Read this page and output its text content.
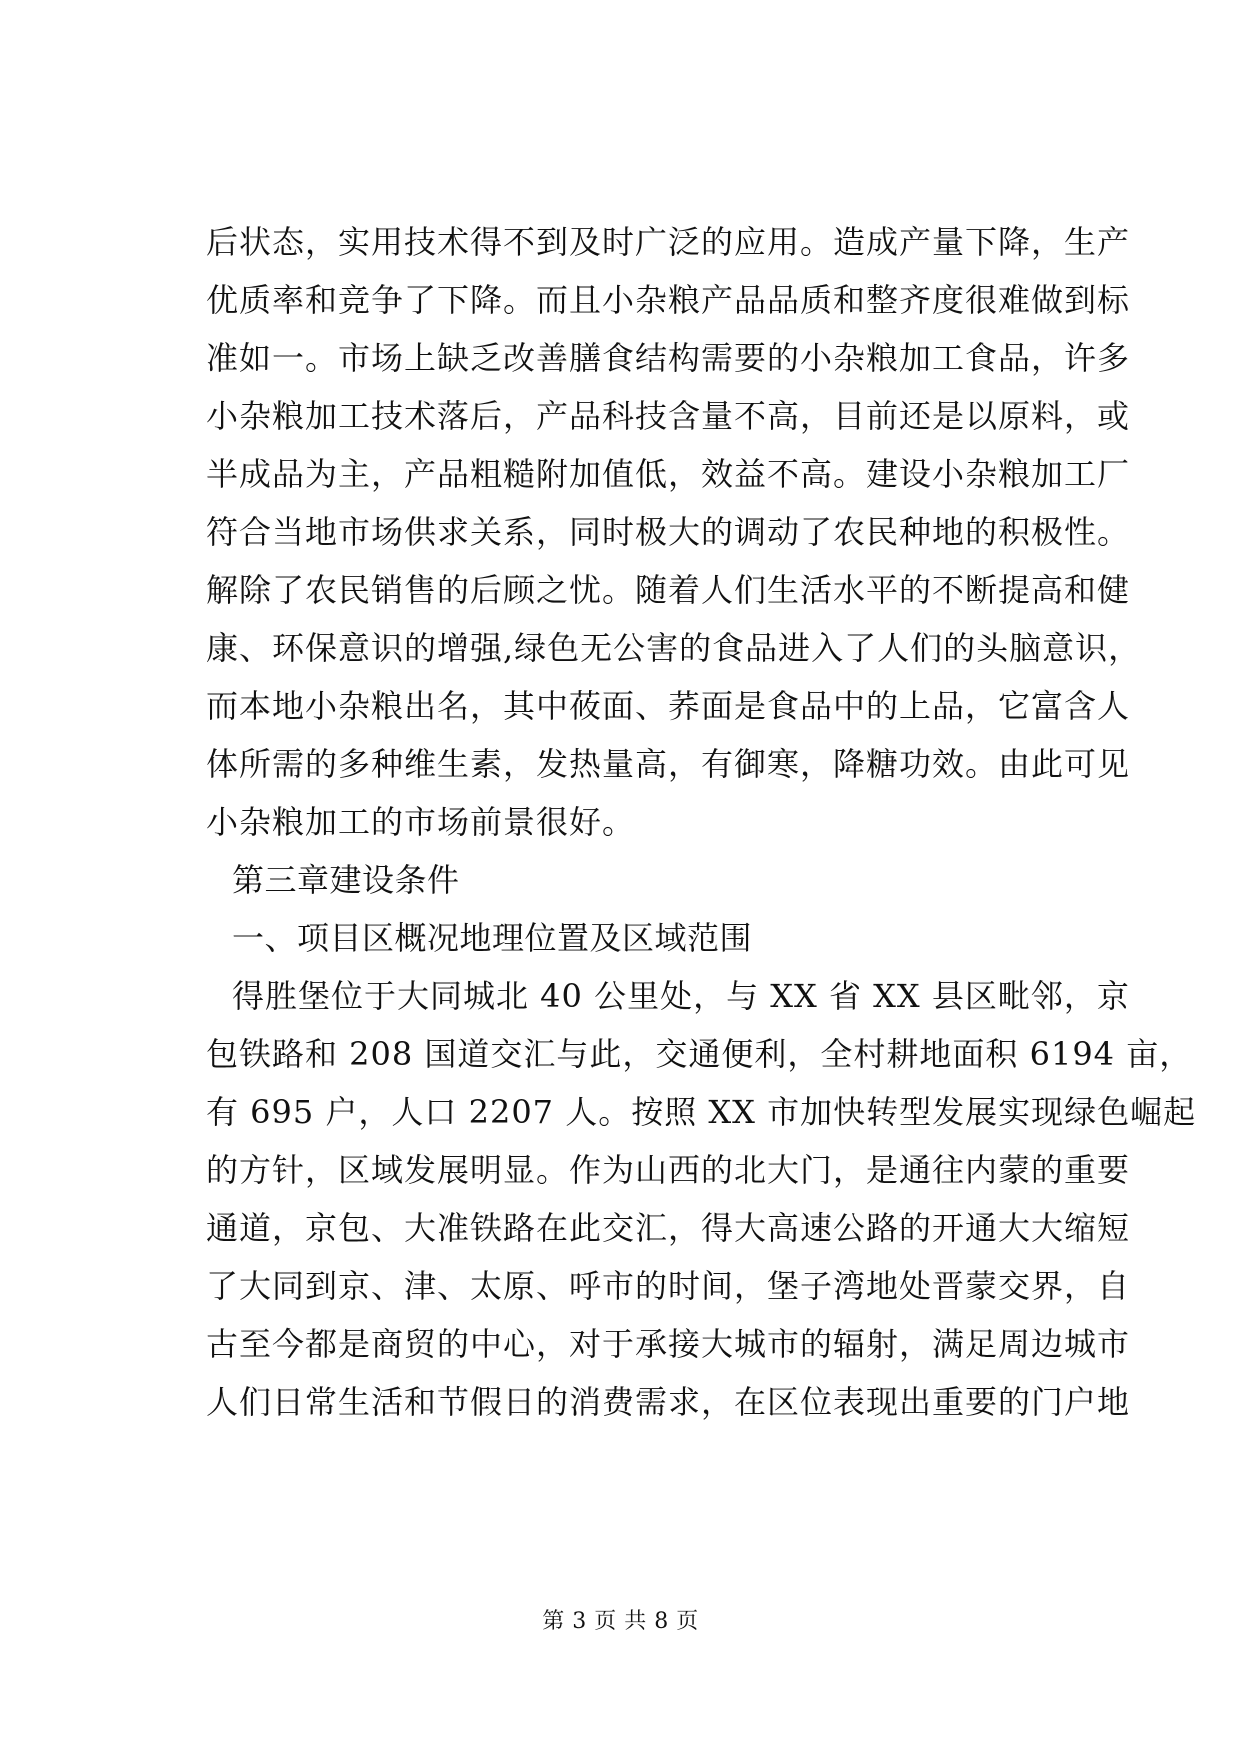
后状态，实用技术得不到及时广泛的应用。造成产量下降，生产
优质率和竞争了下降。而且小杂粮产品品质和整齐度很难做到标
准如一。市场上缺乏改善膳食结构需要的小杂粮加工食品，许多
小杂粮加工技术落后，产品科技含量不高，目前还是以原料，或
半成品为主，产品粗糙附加值低，效益不高。建设小杂粮加工厂
符合当地市场供求关系，同时极大的调动了农民种地的积极性。
解除了农民销售的后顾之忧。随着人们生活水平的不断提高和健
康、环保意识的增强,绿色无公害的食品进入了人们的头脑意识，
而本地小杂粮出名，其中莜面、荞面是食品中的上品，它富含人
体所需的多种维生素，发热量高，有御寒，降糖功效。由此可见
小杂粮加工的市场前景很好。
第三章建设条件
一、项目区概况地理位置及区域范围
得胜堡位于大同城北 40 公里处，与 XX 省 XX 县区毗邻，京
包铁路和 208 国道交汇与此，交通便利，全村耕地面积 6194 亩，
有 695 户，人口 2207 人。按照 XX 市加快转型发展实现绿色崛起
的方针，区域发展明显。作为山西的北大门，是通往内蒙的重要
通道，京包、大准铁路在此交汇，得大高速公路的开通大大缩短
了大同到京、津、太原、呼市的时间，堡子湾地处晋蒙交界，自
古至今都是商贸的中心，对于承接大城市的辐射，满足周边城市
人们日常生活和节假日的消费需求，在区位表现出重要的门户地
第 3 页 共 8 页
